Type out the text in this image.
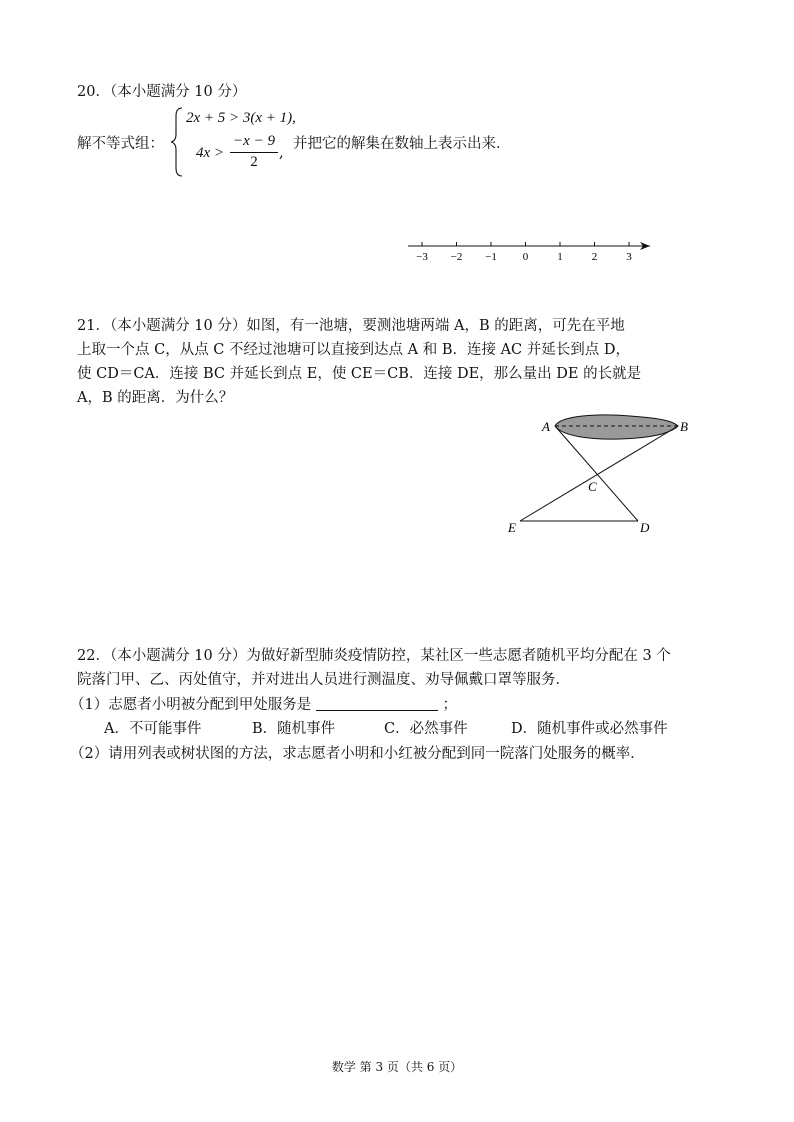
20．（本小题满分 10 分）
解不等式组：
2x + 5 > 3(x + 1),
4x >
−x − 9
2
,
并把它的解集在数轴上表示出来．
−3 −2 −1 0	1	2	3
21．（本小题满分 10 分）如图，有一池塘，要测池塘两端 A，B 的距离，可先在平地
上取一个点 C，从点 C 不经过池塘可以直接到达点 A 和 B．连接 AC 并延长到点 D，
使 CD＝CA．连接 BC 并延长到点 E，使 CE＝CB．连接 DE，那么量出 DE 的长就是
A，B 的距离．为什么？
A	B
C
D
E
22．（本小题满分 10 分）为做好新型肺炎疫情防控，某社区一些志愿者随机平均分配在 3 个
院落门甲、乙、丙处值守，并对进出人员进行测温度、劝导佩戴口罩等服务．
（1）志愿者小明被分配到甲处服务是	；
A．不可能事件	B．随机事件	C．必然事件	D．随机事件或必然事件
（2）请用列表或树状图的方法，求志愿者小明和小红被分配到同一院落门处服务的概率．
数学 第 3 页（共 6 页）
